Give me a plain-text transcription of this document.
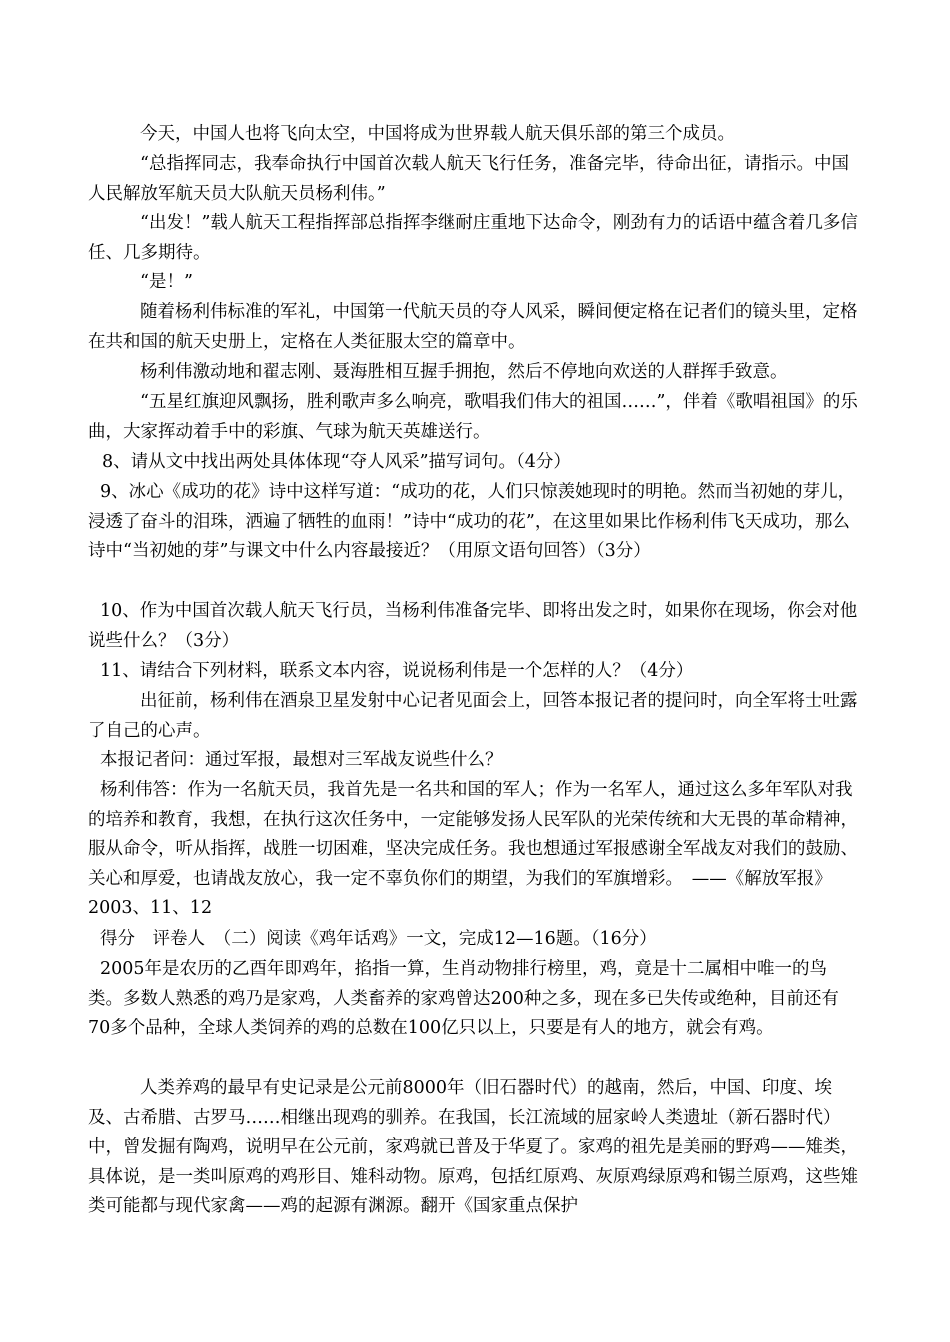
今天，中国人也将飞向太空，中国将成为世界载人航天俱乐部的第三个成员。

“总指挥同志，我奉命执行中国首次载人航天飞行任务，准备完毕，待命出征，请指示。中国人民解放军航天员大队航天员杨利伟。”

“出发！”载人航天工程指挥部总指挥李继耐庄重地下达命令，刚劲有力的话语中蕴含着几多信任、几多期待。

“是！”

随着杨利伟标准的军礼，中国第一代航天员的夺人风采，瞬间便定格在记者们的镜头里，定格在共和国的航天史册上，定格在人类征服太空的篇章中。

杨利伟激动地和翟志刚、聂海胜相互握手拥抱，然后不停地向欢送的人群挥手致意。

“五星红旗迎风飘扬，胜利歌声多么响亮，歌唱我们伟大的祖国……”，伴着《歌唱祖国》的乐曲，大家挥动着手中的彩旗、气球为航天英雄送行。

8、请从文中找出两处具体体现“夺人风采”描写词句。（4分）

9、冰心《成功的花》诗中这样写道：“成功的花，人们只惊羡她现时的明艳。然而当初她的芽儿，浸透了奋斗的泪珠，洒遍了牺牲的血雨！”诗中“成功的花”，在这里如果比作杨利伟飞天成功，那么诗中“当初她的芽”与课文中什么内容最接近？（用原文语句回答）（3分）

10、作为中国首次载人航天飞行员，当杨利伟准备完毕、即将出发之时，如果你在现场，你会对他说些什么？（3分）

11、请结合下列材料，联系文本内容，说说杨利伟是一个怎样的人？（4分）

出征前，杨利伟在酒泉卫星发射中心记者见面会上，回答本报记者的提问时，向全军将士吐露了自己的心声。

本报记者问：通过军报，最想对三军战友说些什么？

杨利伟答：作为一名航天员，我首先是一名共和国的军人；作为一名军人，通过这么多年军队对我的培养和教育，我想，在执行这次任务中，一定能够发扬人民军队的光荣传统和大无畏的革命精神，服从命令，听从指挥，战胜一切困难，坚决完成任务。我也想通过军报感谢全军战友对我们的鼓励、关心和厚爱，也请战友放心，我一定不辜负你们的期望，为我们的军旗增彩。　——《解放军报》2003、11、12

得分　评卷人　（二）阅读《鸡年话鸡》一文，完成12—16题。（16分）

2005年是农历的乙酉年即鸡年，掐指一算，生肖动物排行榜里，鸡，竟是十二属相中唯一的鸟类。多数人熟悉的鸡乃是家鸡，人类畜养的家鸡曾达200种之多，现在多已失传或绝种，目前还有70多个品种，全球人类饲养的鸡的总数在100亿只以上，只要是有人的地方，就会有鸡。

人类养鸡的最早有史记录是公元前8000年（旧石器时代）的越南，然后，中国、印度、埃及、古希腊、古罗马……相继出现鸡的驯养。在我国，长江流域的屈家岭人类遗址（新石器时代）中，曾发掘有陶鸡，说明早在公元前，家鸡就已普及于华夏了。家鸡的祖先是美丽的野鸡——雉类，具体说，是一类叫原鸡的鸡形目、雉科动物。原鸡，包括红原鸡、灰原鸡绿原鸡和锡兰原鸡，这些雉类可能都与现代家禽——鸡的起源有渊源。翻开《国家重点保护
